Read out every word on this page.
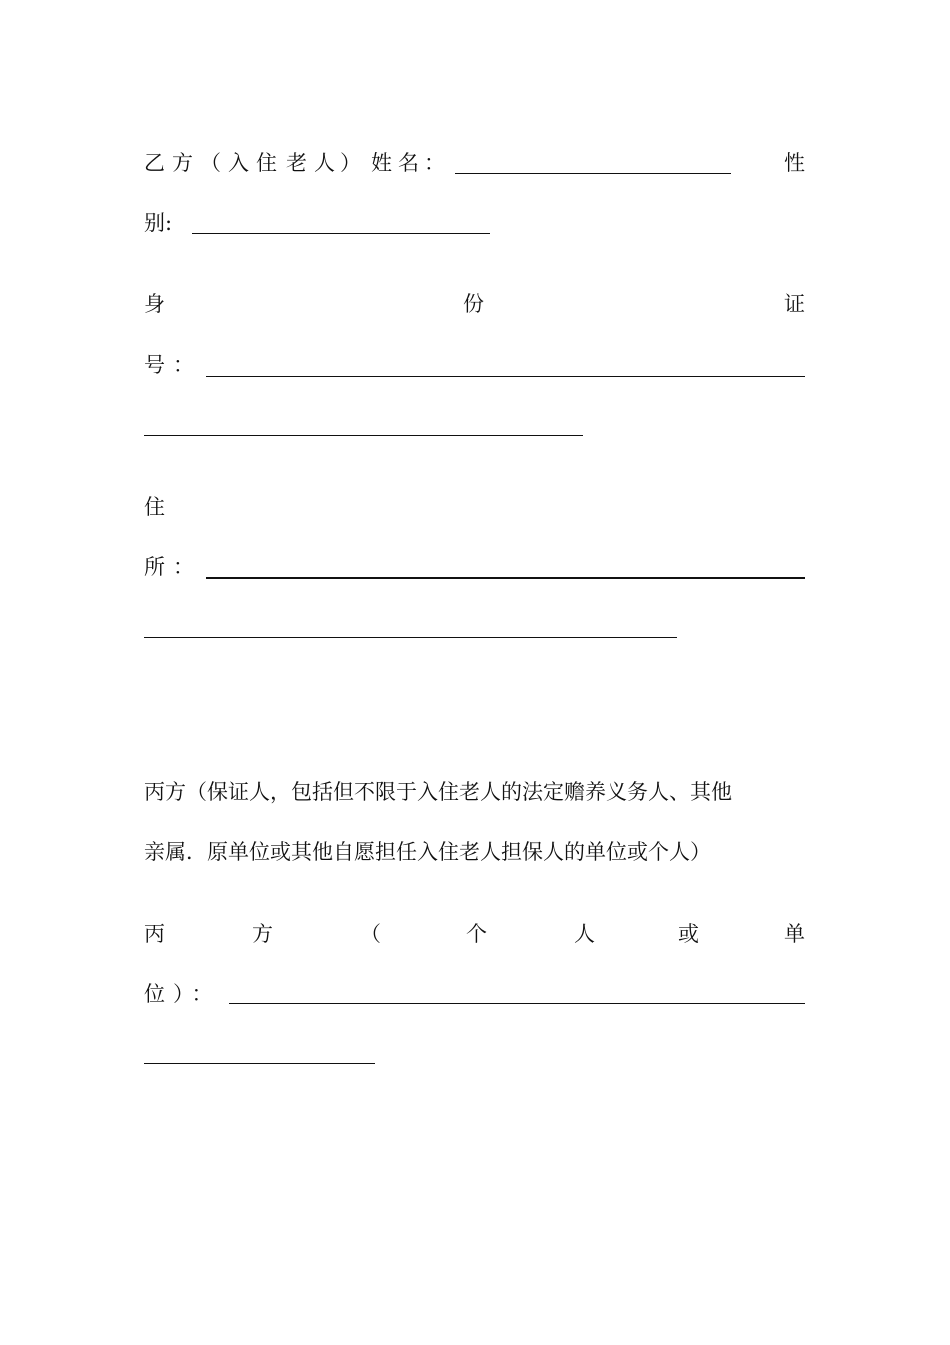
乙 方 （ 入 住 老 人 ） 姓 名 ：	性
别:
身	份	证
号：
住
所：
丙方（保证人，包括但不限于入住老人的法定赡养义务人、其他
亲属．原单位或其他自愿担任入住老人担保人的单位或个人）
丙	方	（	个	人	或	单
位）：
